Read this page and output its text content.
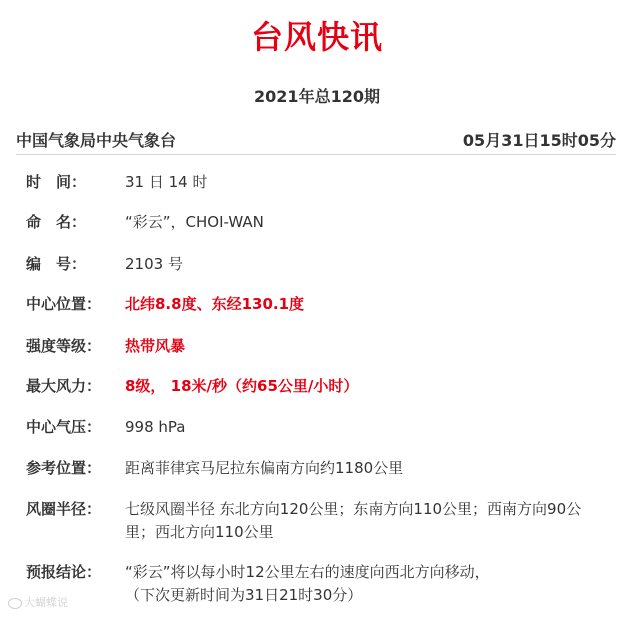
台风快讯
2021年总120期
中国气象局中央气象台	05月31日15时05分
时　间：	31 日 14 时
命　名：	“彩云”，CHOI-WAN
编　号：	2103 号
中心位置：	北纬8.8度、东经130.1度
强度等级：	热带风暴
最大风力：	8级， 18米/秒（约65公里/小时）
中心气压：	998 hPa
参考位置：	距离菲律宾马尼拉东偏南方向约1180公里
风圈半径：	七级风圈半径 东北方向120公里；东南方向110公里；西南方向90公
里；西北方向110公里
预报结论：	“彩云”将以每小时12公里左右的速度向西北方向移动，
（下次更新时间为31日21时30分）
大蝴蝶说
